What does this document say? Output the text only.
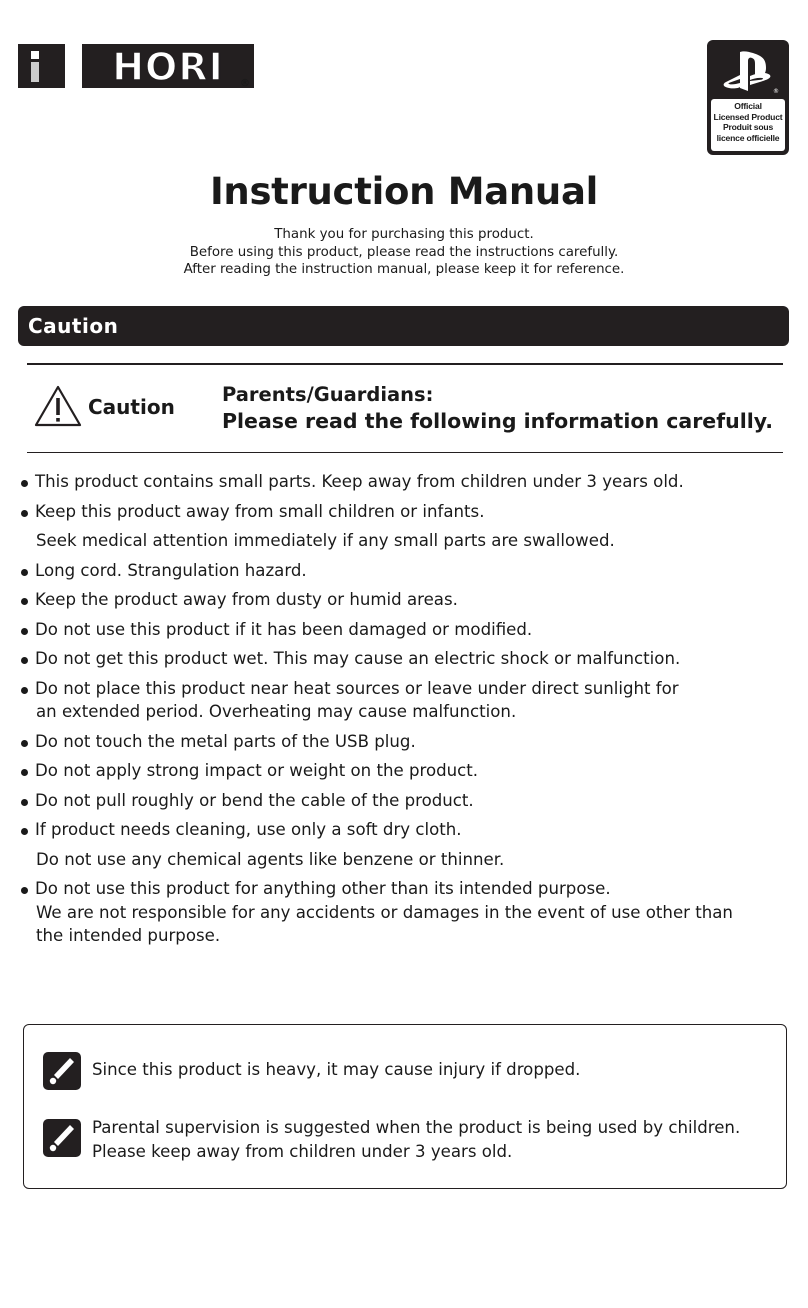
HORI ®
®
Official
Licensed Product
Produit sous
licence officielle
Instruction Manual
Thank you for purchasing this product.
Before using this product, please read the instructions carefully.
After reading the instruction manual, please keep it for reference.
Caution
Caution
Parents/Guardians:
Please read the following information carefully.
This product contains small parts. Keep away from children under 3 years old.
Keep this product away from small children or infants.
Seek medical attention immediately if any small parts are swallowed.
Long cord. Strangulation hazard.
Keep the product away from dusty or humid areas.
Do not use this product if it has been damaged or modified.
Do not get this product wet. This may cause an electric shock or malfunction.
Do not place this product near heat sources or leave under direct sunlight for
an extended period. Overheating may cause malfunction.
Do not touch the metal parts of the USB plug.
Do not apply strong impact or weight on the product.
Do not pull roughly or bend the cable of the product.
If product needs cleaning, use only a soft dry cloth.
Do not use any chemical agents like benzene or thinner.
Do not use this product for anything other than its intended purpose.
We are not responsible for any accidents or damages in the event of use other than
the intended purpose.
Since this product is heavy, it may cause injury if dropped.
Parental supervision is suggested when the product is being used by children.
Please keep away from children under 3 years old.
